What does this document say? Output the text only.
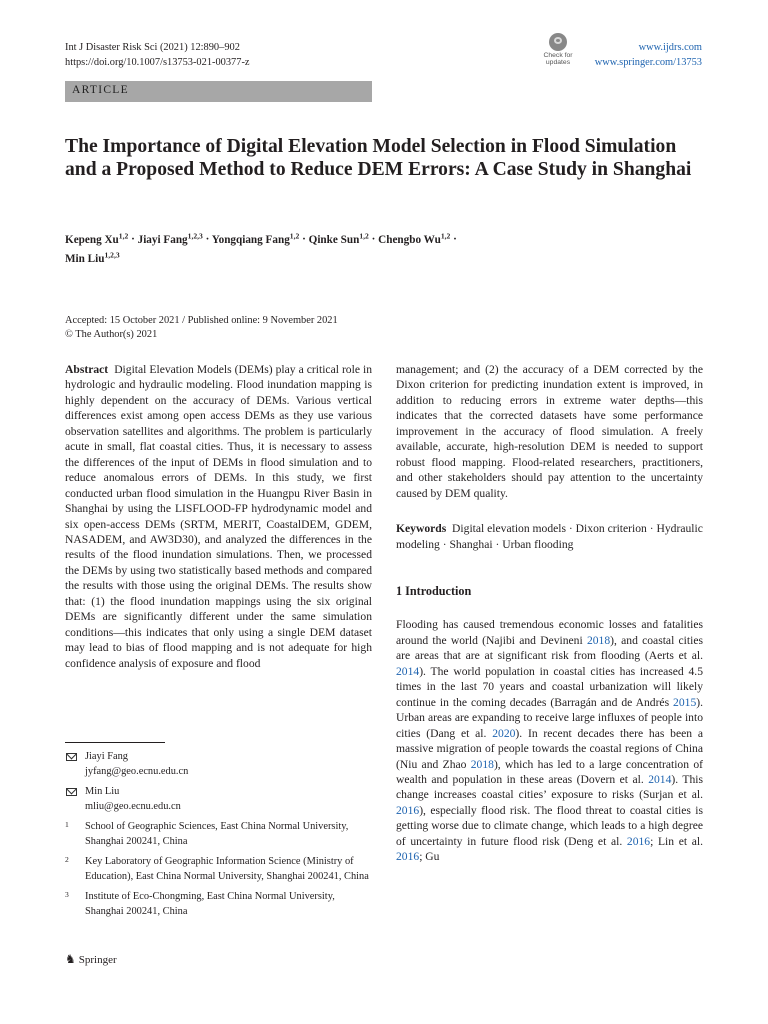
Int J Disaster Risk Sci (2021) 12:890–902
https://doi.org/10.1007/s13753-021-00377-z
Check for
updates
www.ijdrs.com
www.springer.com/13753
ARTICLE
The Importance of Digital Elevation Model Selection in Flood Simulation and a Proposed Method to Reduce DEM Errors: A Case Study in Shanghai
Kepeng Xu$^{1,2}$ · Jiayi Fang$^{1,2,3}$ · Yongqiang Fang$^{1,2}$ · Qinke Sun$^{1,2}$ · Chengbo Wu$^{1,2}$ ·
Min Liu$^{1,2,3}$
Accepted: 15 October 2021 / Published online: 9 November 2021
© The Author(s) 2021

Abstract Digital Elevation Models (DEMs) play a critical role in hydrologic and hydraulic modeling. Flood inundation mapping is highly dependent on the accuracy of DEMs. Various vertical differences exist among open access DEMs as they use various observation satellites and algorithms. The problem is particularly acute in small, flat coastal cities. Thus, it is necessary to assess the differences of the input of DEMs in flood simulation and to reduce anomalous errors of DEMs. In this study, we first conducted urban flood simulation in the Huangpu River Basin in Shanghai by using the LISFLOOD-FP hydrodynamic model and six open-access DEMs (SRTM, MERIT, CoastalDEM, GDEM, NASADEM, and AW3D30), and analyzed the differences in the results of the flood inundation simulations. Then, we processed the DEMs by using two statistically based methods and compared the results with those using the original DEMs. The results show that: (1) the flood inundation mappings using the six original DEMs are significantly different under the same simulation conditions—this indicates that only using a single DEM dataset may lead to bias of flood mapping and is not adequate for high confidence analysis of exposure and flood

management; and (2) the accuracy of a DEM corrected by the Dixon criterion for predicting inundation extent is improved, in addition to reducing errors in extreme water depths—this indicates that the corrected datasets have some performance improvement in the accuracy of flood simulation. A freely available, accurate, high-resolution DEM is needed to support robust flood mapping. Flood-related researchers, practitioners, and other stakeholders should pay attention to the uncertainty caused by DEM quality.

Keywords Digital elevation models · Dixon criterion · Hydraulic modeling · Shanghai · Urban flooding

1 Introduction

Flooding has caused tremendous economic losses and fatalities around the world (Najibi and Devineni 2018), and coastal cities are areas that are at significant risk from flooding (Aerts et al. 2014). The world population in coastal cities has increased 4.5 times in the last 70 years and coastal urbanization will likely continue in the coming decades (Barragán and de Andrés 2015). Urban areas are expanding to receive large influxes of people into cities (Dang et al. 2020). In recent decades there has been a massive migration of people towards the coastal regions of China (Niu and Zhao 2018), which has led to a large concentration of wealth and population in these areas (Dovern et al. 2014). This change increases coastal cities’ exposure to risks (Surjan et al. 2016), especially flood risk. The flood threat to coastal cities is getting worse due to climate change, which leads to a high degree of uncertainty in future flood risk (Deng et al. 2016; Lin et al. 2016; Gu

Jiayi Fang
jyfang@geo.ecnu.edu.cn
Min Liu
mliu@geo.ecnu.edu.cn
1 School of Geographic Sciences, East China Normal University, Shanghai 200241, China
2 Key Laboratory of Geographic Information Science (Ministry of Education), East China Normal University, Shanghai 200241, China
3 Institute of Eco-Chongming, East China Normal University, Shanghai 200241, China
♞ Springer
